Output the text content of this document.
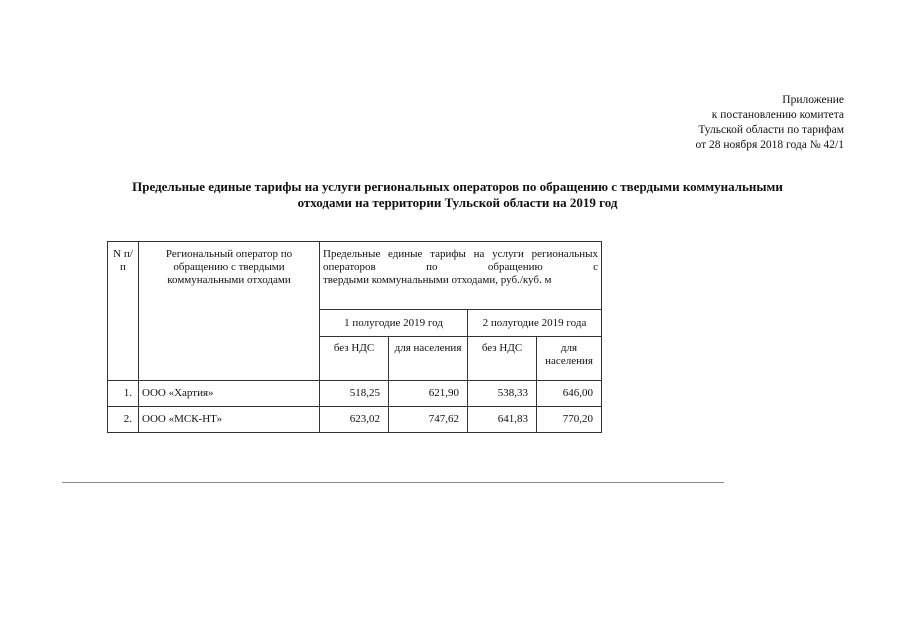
Приложение
к постановлению комитета
Тульской области по тарифам
от 28 ноября 2018 года № 42/1
Предельные единые тарифы на услуги региональных операторов по обращению с твердыми коммунальными
отходами на территории Тульской области на 2019 год
N п/п	Региональный оператор по обращению с твердыми коммунальными отходами	Предельные единые тарифы на услуги региональных операторов по обращению с
твердыми коммунальными отходами, руб./куб. м			

		1 полугодие 2019 год		2 полугодие 2019 года	
		без НДС	для населения	без НДС	для населения
1.	ООО «Хартия»	518,25	621,90	538,33	646,00
2.	ООО «МСК-НТ»	623,02	747,62	641,83	770,20
